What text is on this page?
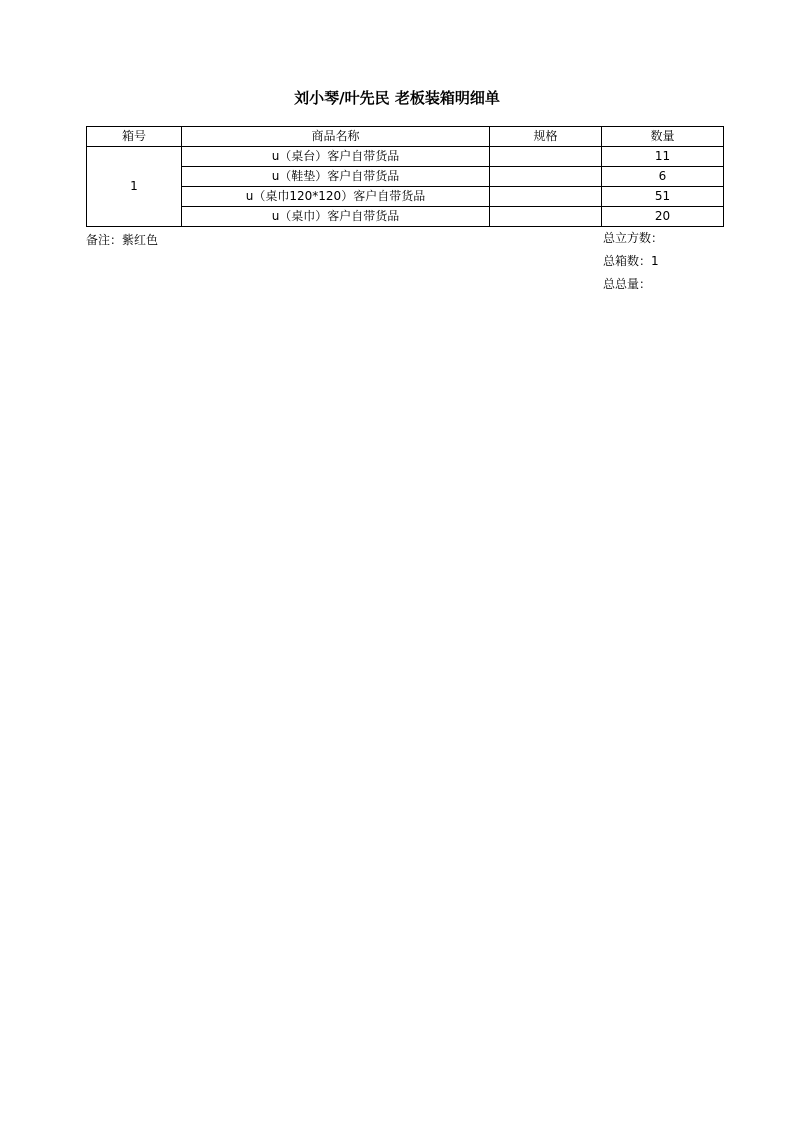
刘小琴/叶先民 老板装箱明细单
箱号	商品名称	规格	数量
1	u（桌台）客户自带货品		11
	u（鞋垫）客户自带货品		6
	u（桌巾120*120）客户自带货品		51
	u（桌巾）客户自带货品		20
备注：紫红色	总立方数：
总箱数：1
总总量：
